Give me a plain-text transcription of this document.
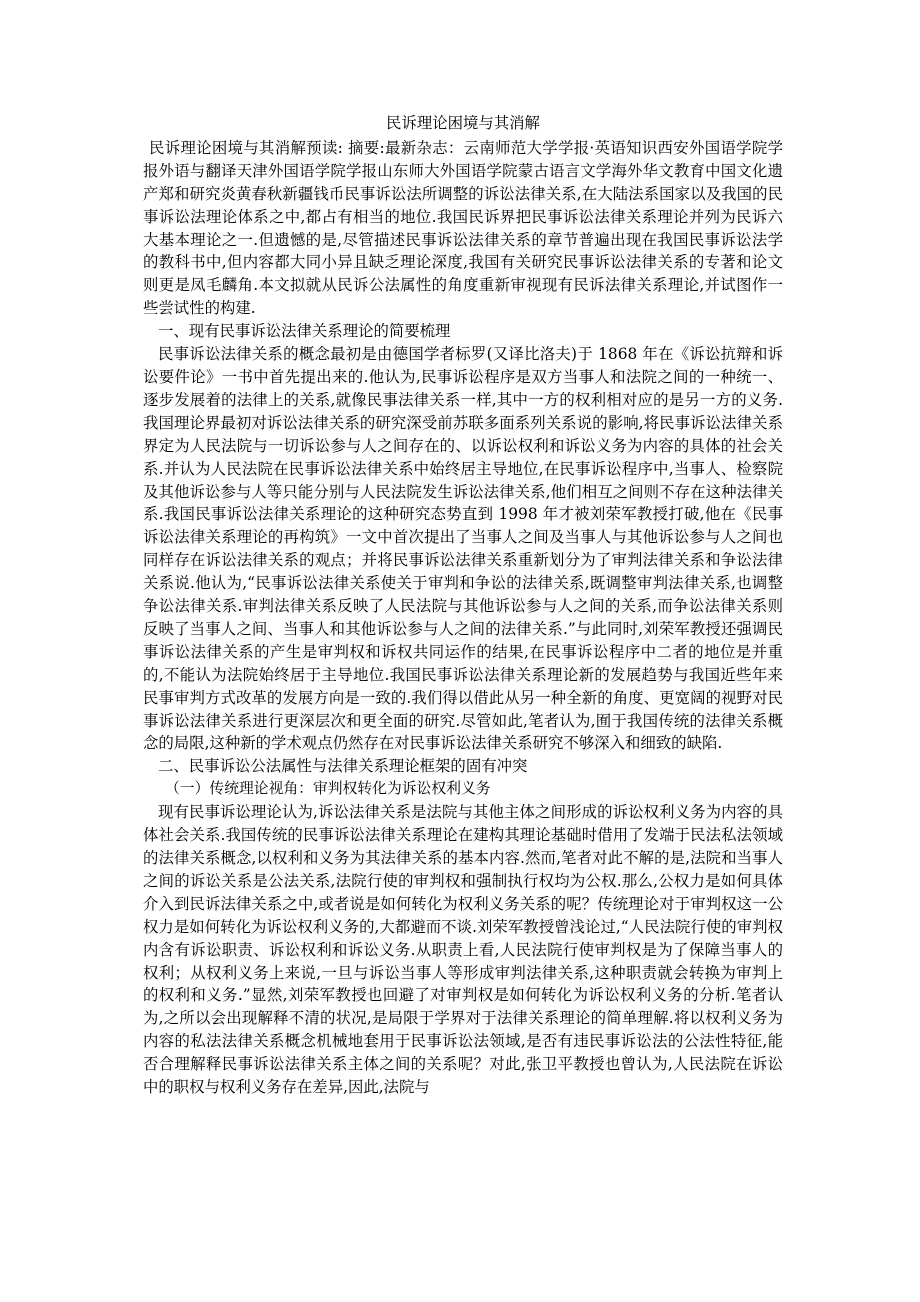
民诉理论困境与其消解

民诉理论困境与其消解预读: 摘要:最新杂志：云南师范大学学报·英语知识西安外国语学院学报外语与翻译天津外国语学院学报山东师大外国语学院蒙古语言文学海外华文教育中国文化遗产郑和研究炎黄春秋新疆钱币民事诉讼法所调整的诉讼法律关系,在大陆法系国家以及我国的民事诉讼法理论体系之中,都占有相当的地位.我国民诉界把民事诉讼法律关系理论并列为民诉六大基本理论之一.但遗憾的是,尽管描述民事诉讼法律关系的章节普遍出现在我国民事诉讼法学的教科书中,但内容都大同小异且缺乏理论深度,我国有关研究民事诉讼法律关系的专著和论文则更是凤毛麟角.本文拟就从民诉公法属性的角度重新审视现有民诉法律关系理论,并试图作一些尝试性的构建.

一、现有民事诉讼法律关系理论的简要梳理

民事诉讼法律关系的概念最初是由德国学者标罗(又译比洛夫)于 1868 年在《诉讼抗辩和诉讼要件论》一书中首先提出来的.他认为,民事诉讼程序是双方当事人和法院之间的一种统一、逐步发展着的法律上的关系,就像民事法律关系一样,其中一方的权利相对应的是另一方的义务.我国理论界最初对诉讼法律关系的研究深受前苏联多面系列关系说的影响,将民事诉讼法律关系界定为人民法院与一切诉讼参与人之间存在的、以诉讼权利和诉讼义务为内容的具体的社会关系.并认为人民法院在民事诉讼法律关系中始终居主导地位,在民事诉讼程序中,当事人、检察院及其他诉讼参与人等只能分别与人民法院发生诉讼法律关系,他们相互之间则不存在这种法律关系.我国民事诉讼法律关系理论的这种研究态势直到 1998 年才被刘荣军教授打破,他在《民事诉讼法律关系理论的再构筑》一文中首次提出了当事人之间及当事人与其他诉讼参与人之间也同样存在诉讼法律关系的观点；并将民事诉讼法律关系重新划分为了审判法律关系和争讼法律关系说.他认为,“民事诉讼法律关系使关于审判和争讼的法律关系,既调整审判法律关系,也调整争讼法律关系.审判法律关系反映了人民法院与其他诉讼参与人之间的关系,而争讼法律关系则反映了当事人之间、当事人和其他诉讼参与人之间的法律关系.”与此同时,刘荣军教授还强调民事诉讼法律关系的产生是审判权和诉权共同运作的结果,在民事诉讼程序中二者的地位是并重的,不能认为法院始终居于主导地位.我国民事诉讼法律关系理论新的发展趋势与我国近些年来民事审判方式改革的发展方向是一致的.我们得以借此从另一种全新的角度、更宽阔的视野对民事诉讼法律关系进行更深层次和更全面的研究.尽管如此,笔者认为,囿于我国传统的法律关系概念的局限,这种新的学术观点仍然存在对民事诉讼法律关系研究不够深入和细致的缺陷.

二、民事诉讼公法属性与法律关系理论框架的固有冲突

（一）传统理论视角：审判权转化为诉讼权利义务

现有民事诉讼理论认为,诉讼法律关系是法院与其他主体之间形成的诉讼权利义务为内容的具体社会关系.我国传统的民事诉讼法律关系理论在建构其理论基础时借用了发端于民法私法领域的法律关系概念,以权利和义务为其法律关系的基本内容.然而,笔者对此不解的是,法院和当事人之间的诉讼关系是公法关系,法院行使的审判权和强制执行权均为公权.那么,公权力是如何具体介入到民诉法律关系之中,或者说是如何转化为权利义务关系的呢？传统理论对于审判权这一公权力是如何转化为诉讼权利义务的,大都避而不谈.刘荣军教授曾浅论过,“人民法院行使的审判权内含有诉讼职责、诉讼权利和诉讼义务.从职责上看,人民法院行使审判权是为了保障当事人的权利；从权利义务上来说,一旦与诉讼当事人等形成审判法律关系,这种职责就会转换为审判上的权利和义务.”显然,刘荣军教授也回避了对审判权是如何转化为诉讼权利义务的分析.笔者认为,之所以会出现解释不清的状况,是局限于学界对于法律关系理论的简单理解.将以权利义务为内容的私法法律关系概念机械地套用于民事诉讼法领域,是否有违民事诉讼法的公法性特征,能否合理解释民事诉讼法律关系主体之间的关系呢？对此,张卫平教授也曾认为,人民法院在诉讼中的职权与权利义务存在差异,因此,法院与
